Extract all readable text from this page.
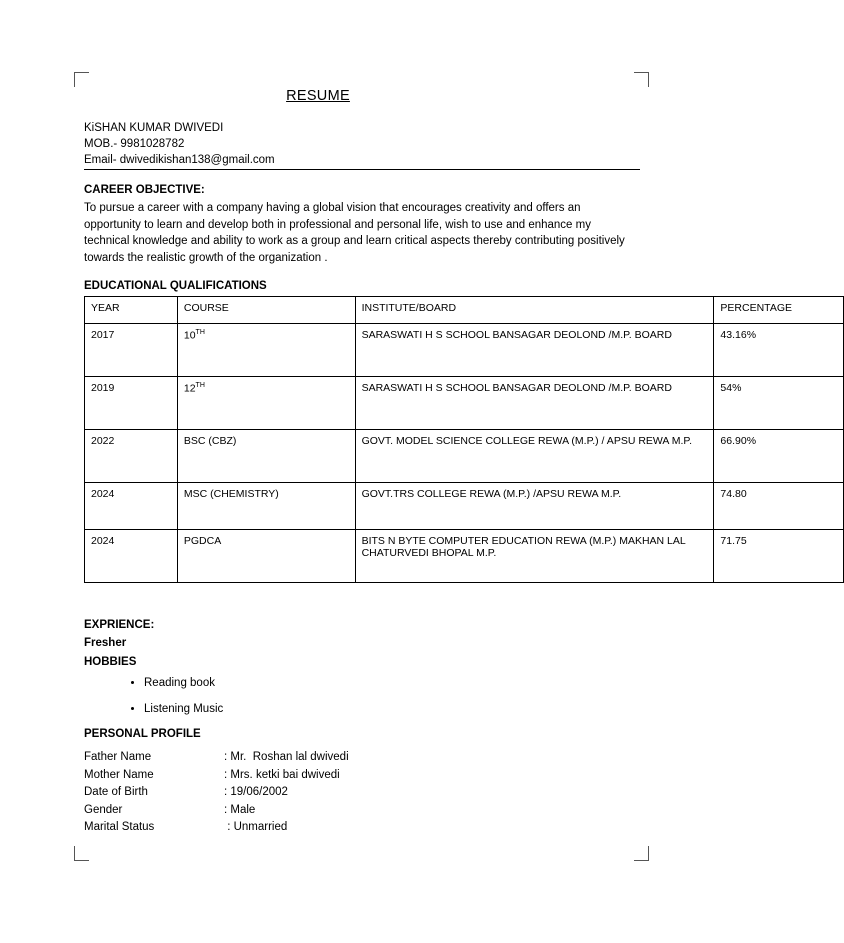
RESUME
KiSHAN KUMAR DWIVEDI
MOB.- 9981028782
Email- dwivedikishan138@gmail.com
CAREER OBJECTIVE:
To pursue a career with a company having a global vision that encourages creativity and offers an opportunity to learn and develop both in professional and personal life, wish to use and enhance my technical knowledge and ability to work as a group and learn critical aspects thereby contributing positively towards the realistic growth of the organization .
EDUCATIONAL QUALIFICATIONS
YEAR	COURSE	INSTITUTE/BOARD	PERCENTAGE
2017	10TH	SARASWATI H S SCHOOL BANSAGAR DEOLOND /M.P. BOARD	43.16%
2019	12TH	SARASWATI H S SCHOOL BANSAGAR DEOLOND /M.P. BOARD	54%
2022	BSC (CBZ)	GOVT. MODEL SCIENCE COLLEGE REWA (M.P.) / APSU REWA M.P.	66.90%
2024	MSC (CHEMISTRY)	GOVT.TRS COLLEGE REWA (M.P.) /APSU REWA M.P.	74.80
2024	PGDCA	BITS N BYTE COMPUTER EDUCATION REWA (M.P.) MAKHAN LAL CHATURVEDI BHOPAL M.P.	71.75
EXPRIENCE:
Fresher
HOBBIES
• Reading book
• Listening Music
PERSONAL PROFILE
Father Name	: Mr.  Roshan lal dwivedi
Mother Name	: Mrs. ketki bai dwivedi
Date of Birth	: 19/06/2002
Gender	: Male
Marital Status	: Unmarried
